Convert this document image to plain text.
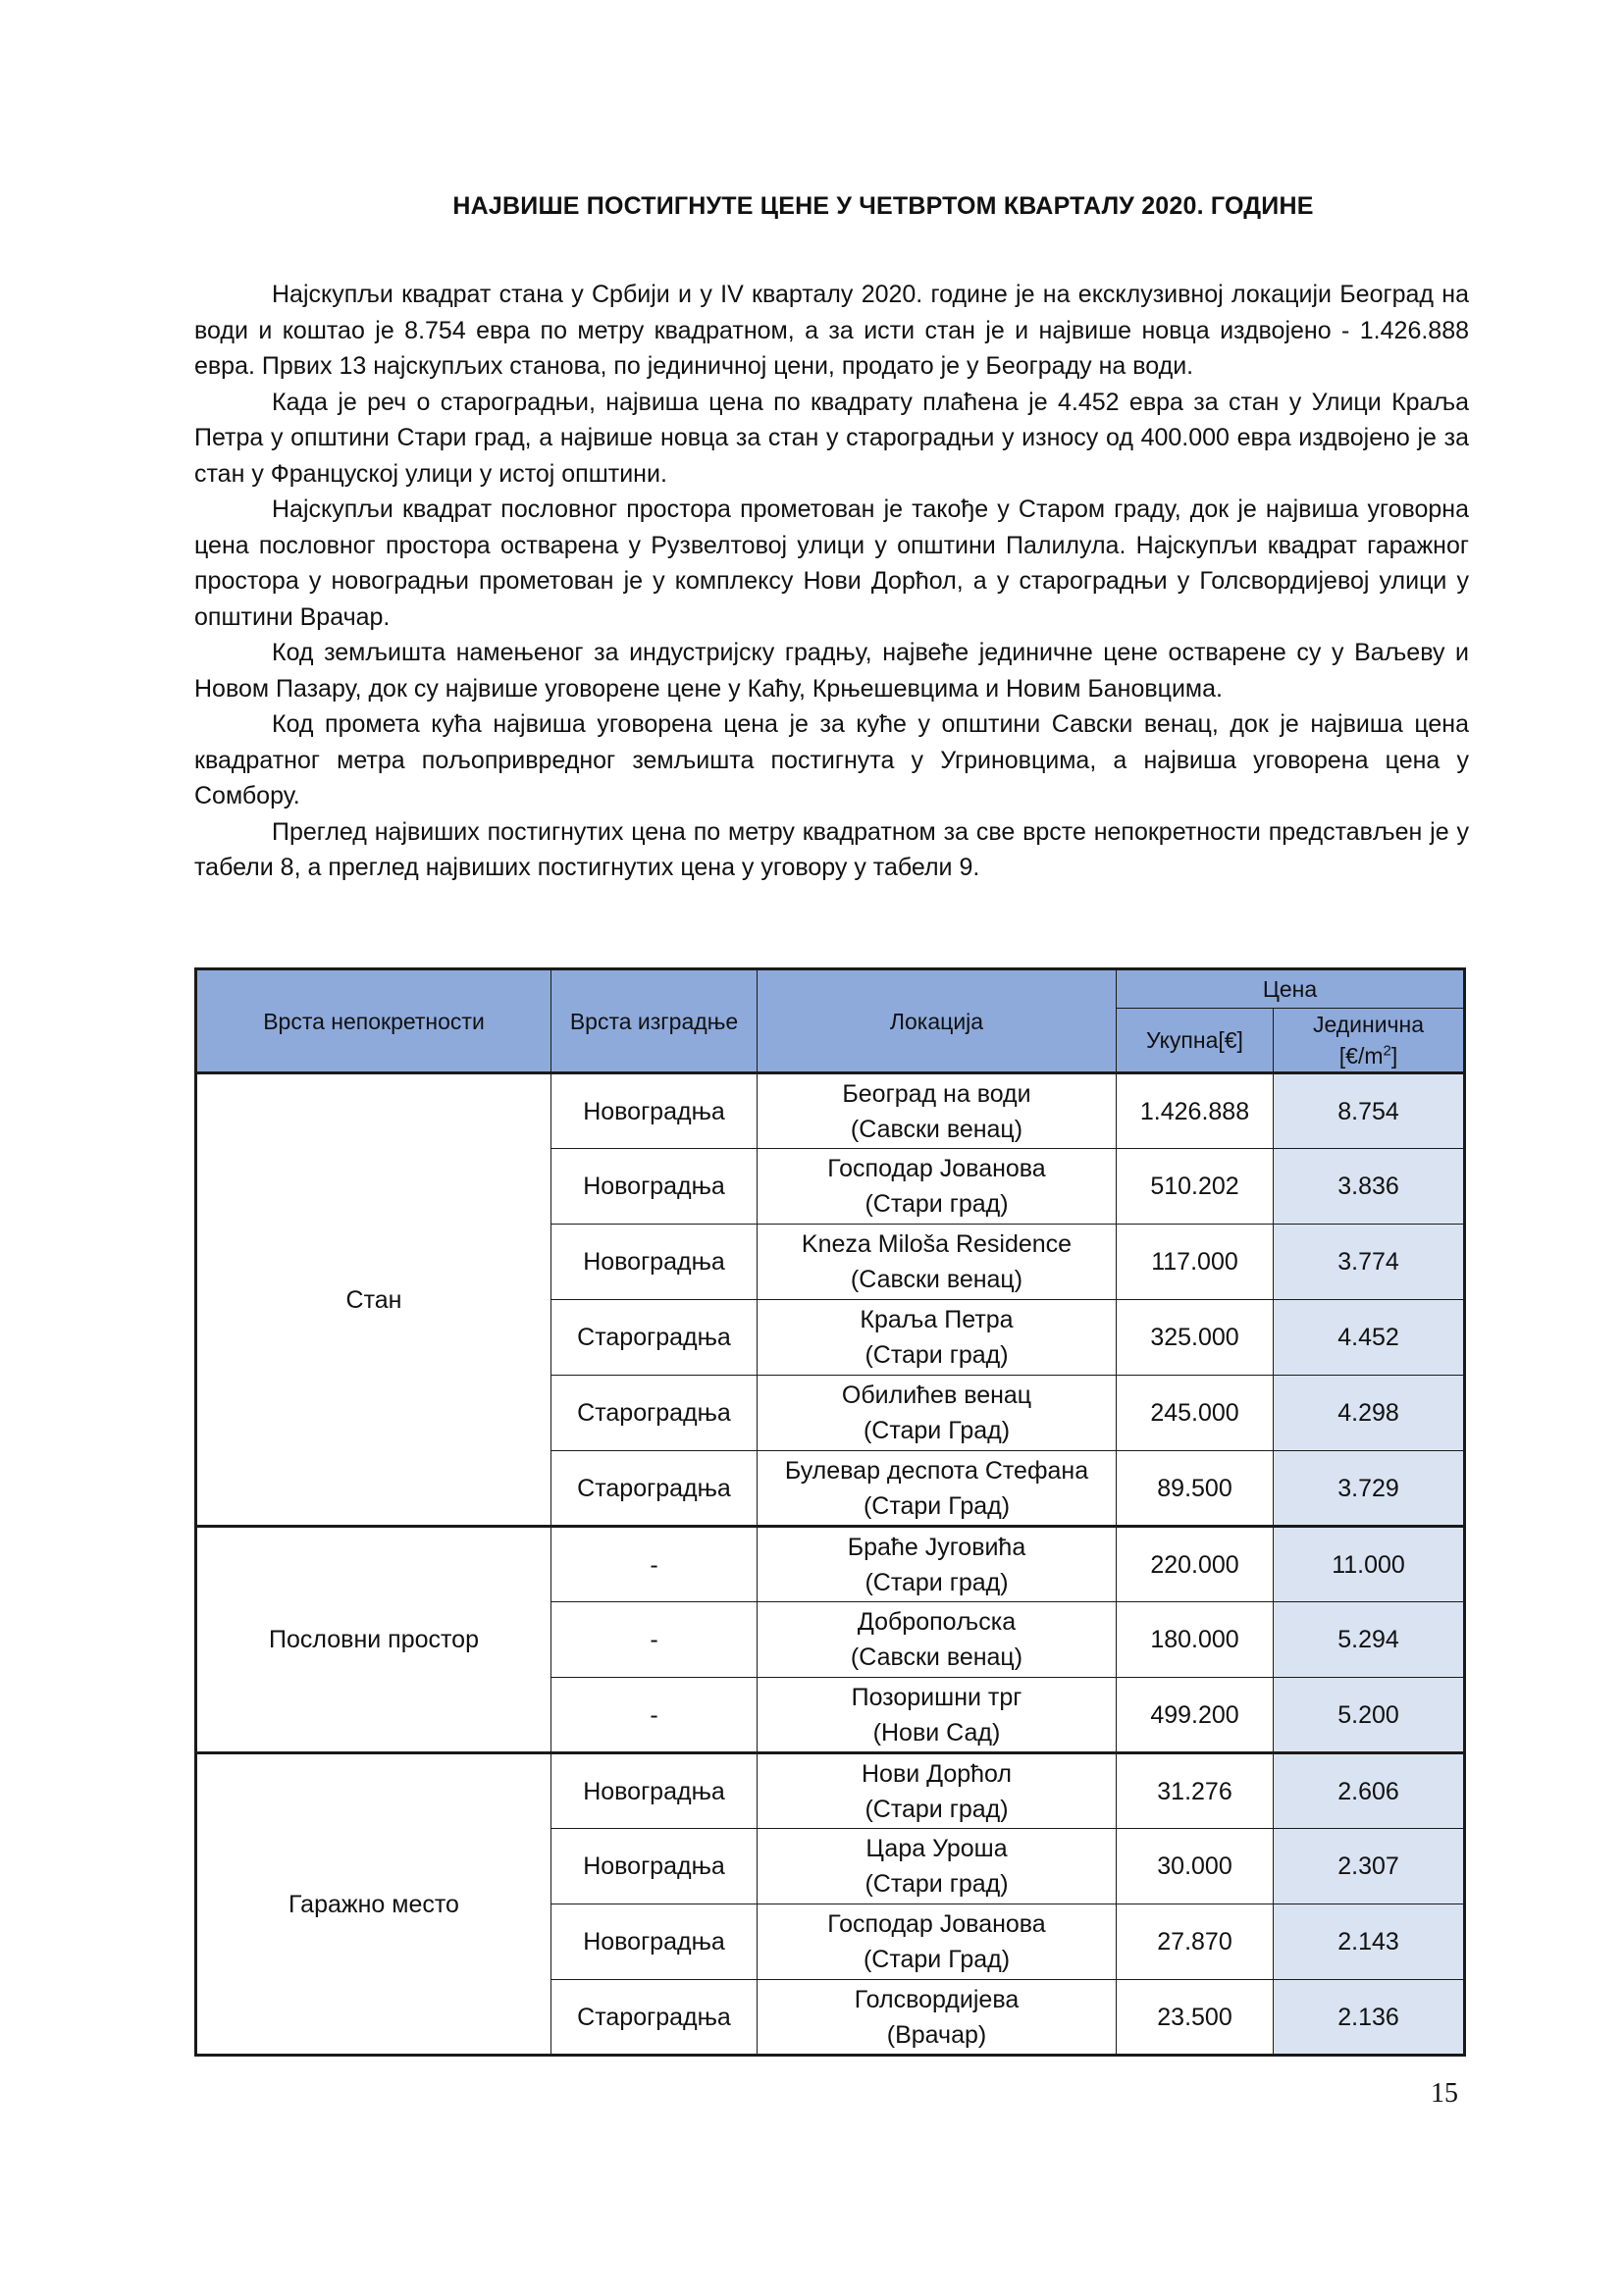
НАЈВИШЕ ПОСТИГНУТЕ ЦЕНЕ У ЧЕТВРТОМ КВАРТАЛУ 2020. ГОДИНЕ

Најскупљи квадрат стана у Србији и у IV кварталу 2020. године је на ексклузивној локацији Београд на води и коштао је 8.754 евра по метру квадратном, а за исти стан је и највише новца издвојено - 1.426.888 евра. Првих 13 најскупљих станова, по јединичној цени, продато је у Београду на води.

Када је реч о староградњи, највиша цена по квадрату плаћена је 4.452 евра за стан у Улици Краља Петра у општини Стари град, а највише новца за стан у староградњи у износу од 400.000 евра издвојено је за стан у Француској улици у истој општини.

Најскупљи квадрат пословног простора прометован је такође у Старом граду, док је највиша уговорна цена пословног простора остварена у Рузвелтовој улици у општини Палилула. Најскупљи квадрат гаражног простора у новоградњи прометован је у комплексу Нови Дорћол, а у староградњи у Голсвордијевој улици у општини Врачар.

Код земљишта намењеног за индустријску градњу, највеће јединичне цене остварене су у Ваљеву и Новом Пазару, док су највише уговорене цене у Каћу, Крњешевцима и Новим Бановцима.

Код промета кућа највиша уговорена цена је за куће у општини Савски венац, док је највиша цена квадратног метра пољопривредног земљишта постигнута у Угриновцима, а највиша уговорена цена у Сомбору.

Преглед највиших постигнутих цена по метру квадратном за све врсте непокретности представљен је у табели 8, а преглед највиших постигнутих цена у уговору у табели 9.

Врста непокретности	Врста изградње	Локација	Цена	
			Укупна[€]	Јединична
$[€/m^2]$
Стан	Новоградња	Београд на води
(Савски венац)	1.426.888	8.754
	Новоградња	Господар Јованова
(Стари град)	510.202	3.836
	Новоградња	Kneza Miloša Residence
(Савски венац)	117.000	3.774
	Старoградња	Краља Петра
(Стари град)	325.000	4.452
	Старoградња	Обилићев венац
(Стари Град)	245.000	4.298
	Старoградња	Булевар деспота Стефана
(Стари Град)	89.500	3.729
Пословни простор	-	Браће Југовића
(Стари град)	220.000	11.000
	-	Добропољска
(Савски венац)	180.000	5.294
	-	Позоришни трг
(Нови Сад)	499.200	5.200
Гаражно место	Новоградња	Нови Дорћол
(Стари град)	31.276	2.606
	Новоградња	Цара Уроша
(Стари град)	30.000	2.307
	Новоградња	Господар Јованова
(Стари Град)	27.870	2.143
	Старoградња	Голсвордијева
(Врачар)	23.500	2.136
15
